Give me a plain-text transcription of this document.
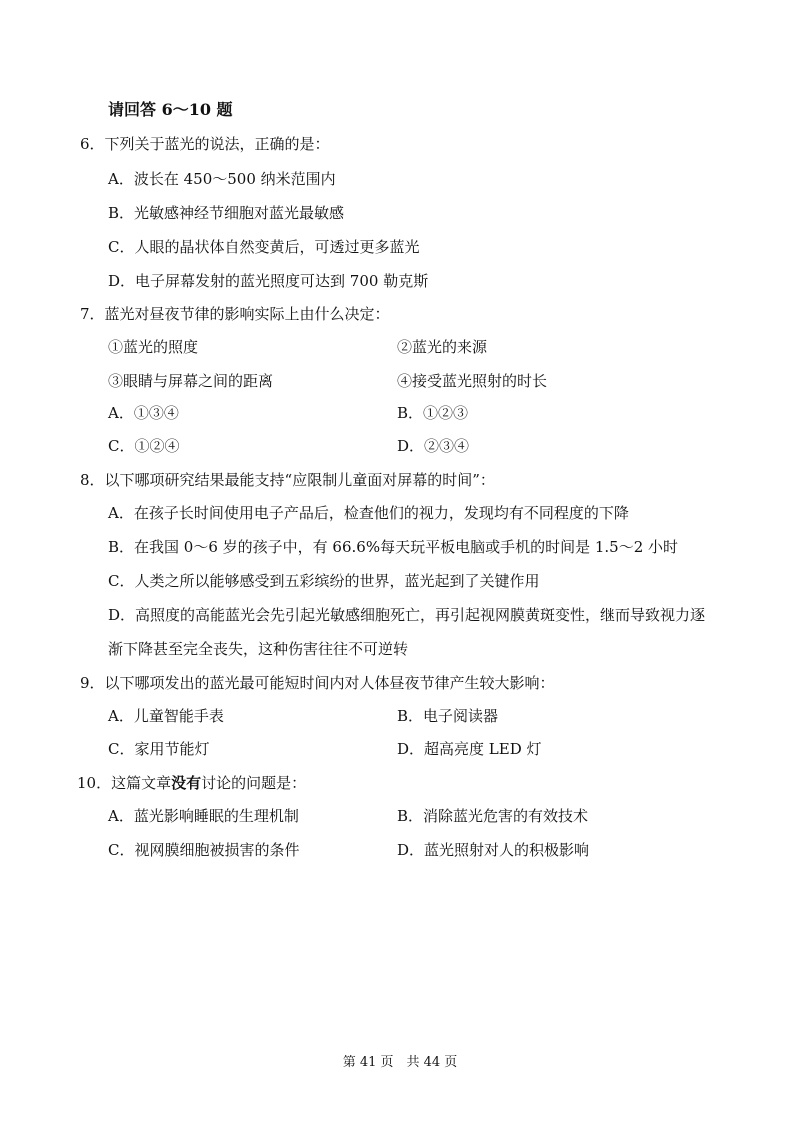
请回答 6～10 题
6．下列关于蓝光的说法，正确的是：
A．波长在 450～500 纳米范围内
B．光敏感神经节细胞对蓝光最敏感
C．人眼的晶状体自然变黄后，可透过更多蓝光
D．电子屏幕发射的蓝光照度可达到 700 勒克斯
7．蓝光对昼夜节律的影响实际上由什么决定：
①蓝光的照度	②蓝光的来源
③眼睛与屏幕之间的距离	④接受蓝光照射的时长
A．①③④	B．①②③
C．①②④	D．②③④
8．以下哪项研究结果最能支持“应限制儿童面对屏幕的时间”：
A．在孩子长时间使用电子产品后，检查他们的视力，发现均有不同程度的下降
B．在我国 0～6 岁的孩子中，有 66.6%每天玩平板电脑或手机的时间是 1.5～2 小时
C．人类之所以能够感受到五彩缤纷的世界，蓝光起到了关键作用
D．高照度的高能蓝光会先引起光敏感细胞死亡，再引起视网膜黄斑变性，继而导致视力逐渐下降甚至完全丧失，这种伤害往往不可逆转
9．以下哪项发出的蓝光最可能短时间内对人体昼夜节律产生较大影响：
A．儿童智能手表	B．电子阅读器
C．家用节能灯	D．超高亮度 LED 灯
10．这篇文章没有讨论的问题是：
A．蓝光影响睡眠的生理机制	B．消除蓝光危害的有效技术
C．视网膜细胞被损害的条件	D．蓝光照射对人的积极影响
第 41 页　共 44 页
